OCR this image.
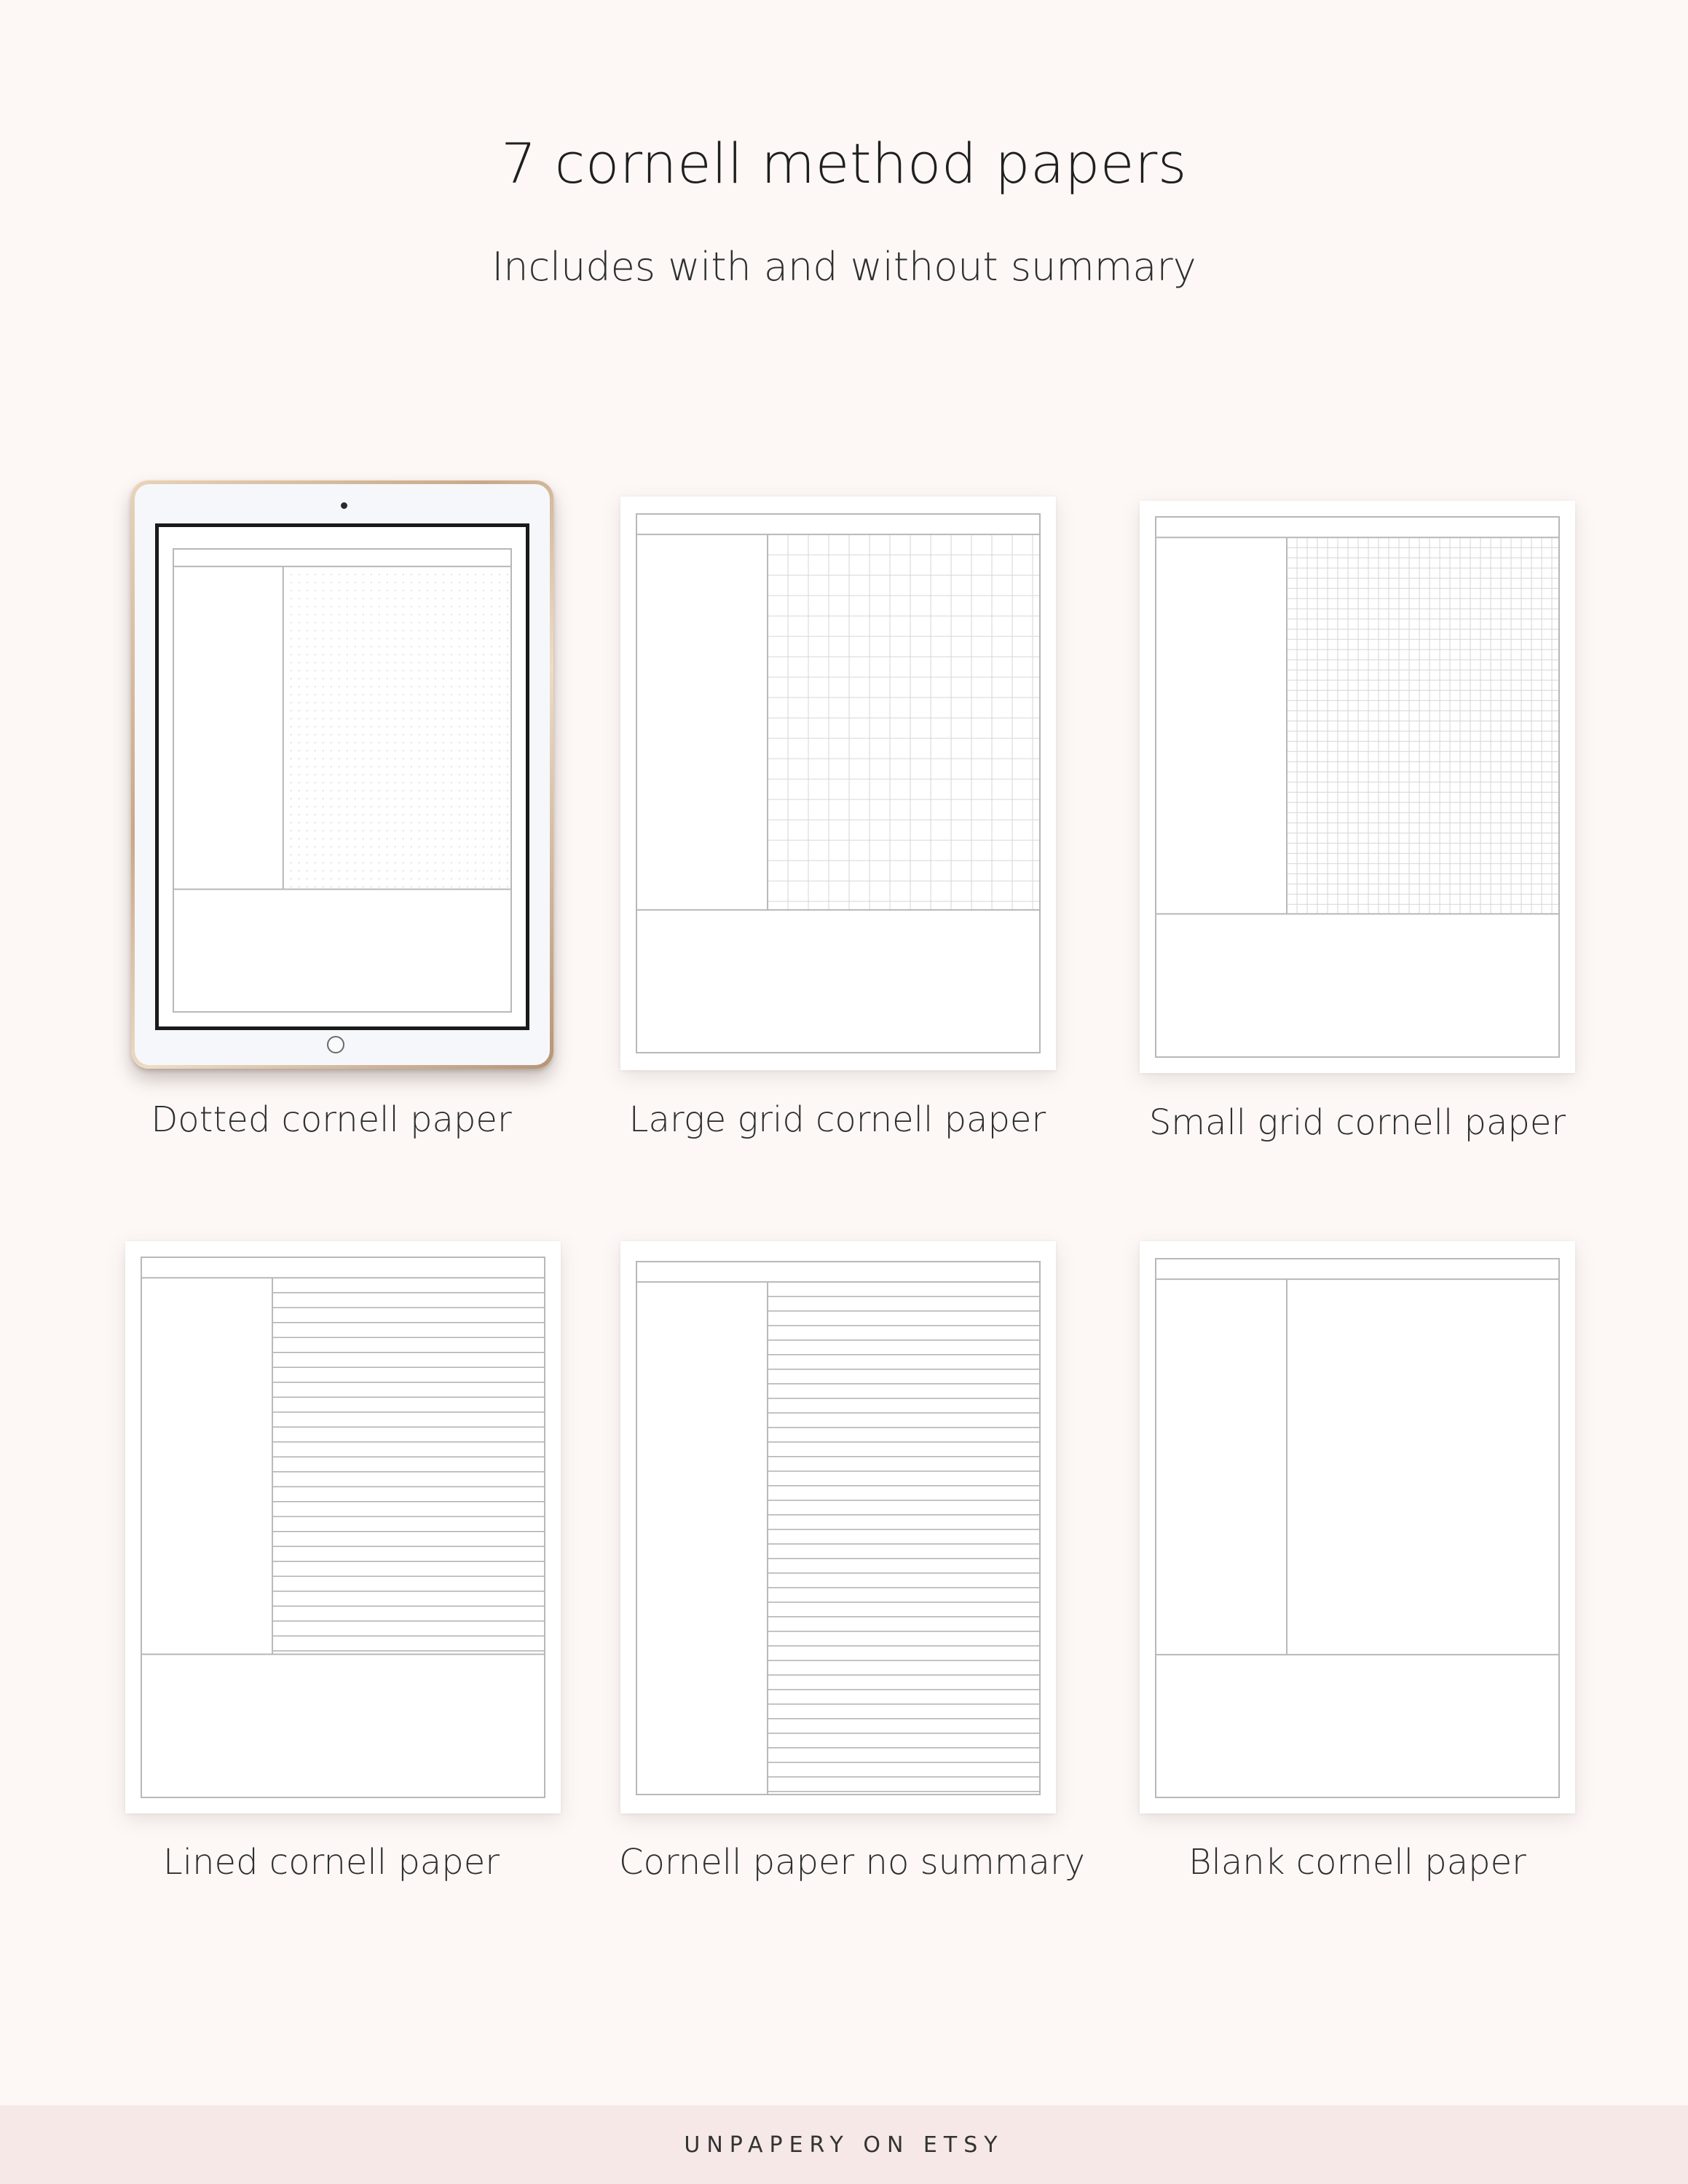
7 cornell method papers
Includes with and without summary
Dotted cornell paper	Large grid cornell paper	Small grid cornell paper
Lined cornell paper	Cornell paper no summary	Blank cornell paper
UNPAPERY ON ETSY
